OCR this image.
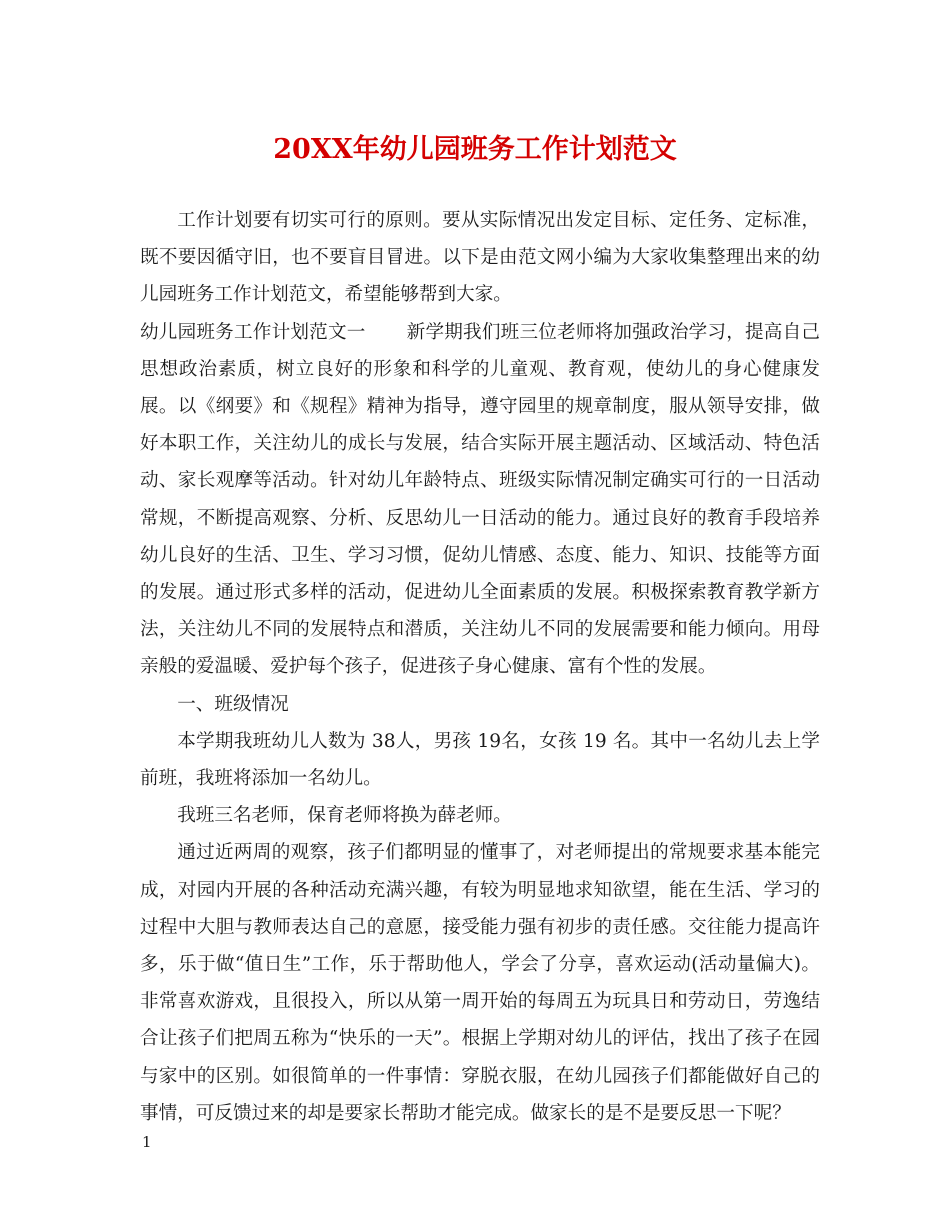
20XX年幼儿园班务工作计划范文

工作计划要有切实可行的原则。要从实际情况出发定目标、定任务、定标准，既不要因循守旧，也不要盲目冒进。以下是由范文网小编为大家收集整理出来的幼儿园班务工作计划范文，希望能够帮到大家。

幼儿园班务工作计划范文一 新学期我们班三位老师将加强政治学习，提高自己思想政治素质，树立良好的形象和科学的儿童观、教育观，使幼儿的身心健康发展。以《纲要》和《规程》精神为指导，遵守园里的规章制度，服从领导安排，做好本职工作，关注幼儿的成长与发展，结合实际开展主题活动、区域活动、特色活动、家长观摩等活动。针对幼儿年龄特点、班级实际情况制定确实可行的一日活动常规，不断提高观察、分析、反思幼儿一日活动的能力。通过良好的教育手段培养幼儿良好的生活、卫生、学习习惯，促幼儿情感、态度、能力、知识、技能等方面的发展。通过形式多样的活动，促进幼儿全面素质的发展。积极探索教育教学新方法，关注幼儿不同的发展特点和潜质，关注幼儿不同的发展需要和能力倾向。用母亲般的爱温暖、爱护每个孩子，促进孩子身心健康、富有个性的发展。

一、班级情况

本学期我班幼儿人数为 38人，男孩 19名，女孩 19 名。其中一名幼儿去上学前班，我班将添加一名幼儿。

我班三名老师，保育老师将换为薛老师。

通过近两周的观察，孩子们都明显的懂事了，对老师提出的常规要求基本能完成，对园内开展的各种活动充满兴趣，有较为明显地求知欲望，能在生活、学习的过程中大胆与教师表达自己的意愿，接受能力强有初步的责任感。交往能力提高许多，乐于做“值日生”工作，乐于帮助他人，学会了分享，喜欢运动(活动量偏大)。非常喜欢游戏，且很投入，所以从第一周开始的每周五为玩具日和劳动日，劳逸结合让孩子们把周五称为“快乐的一天”。根据上学期对幼儿的评估，找出了孩子在园与家中的区别。如很简单的一件事情：穿脱衣服，在幼儿园孩子们都能做好自己的事情，可反馈过来的却是要家长帮助才能完成。做家长的是不是要反思一下呢？

1
